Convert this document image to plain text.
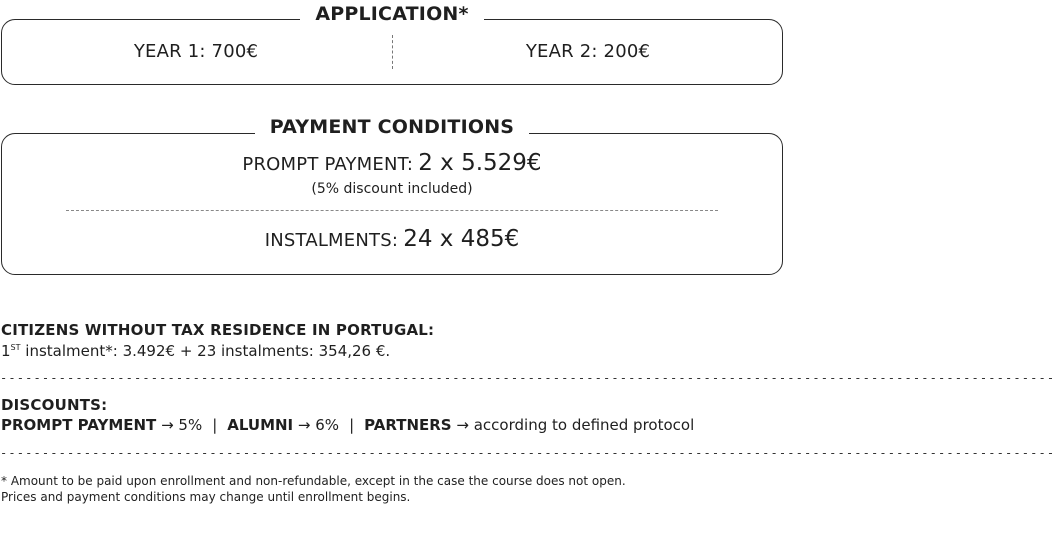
APPLICATION*
YEAR 1: 700€	YEAR 2: 200€
PAYMENT CONDITIONS
PROMPT PAYMENT: 2 x 5.529€
(5% discount included)
INSTALMENTS: 24 x 485€
CITIZENS WITHOUT TAX RESIDENCE IN PORTUGAL:
1ST instalment*: 3.492€ + 23 instalments: 354,26 €.
------------------------------------------------------------------------------------------------------------------------------
DISCOUNTS:
PROMPT PAYMENT → 5% | ALUMNI → 6% | PARTNERS → according to defined protocol
------------------------------------------------------------------------------------------------------------------------------
* Amount to be paid upon enrollment and non-refundable, except in the case the course does not open.
Prices and payment conditions may change until enrollment begins.
